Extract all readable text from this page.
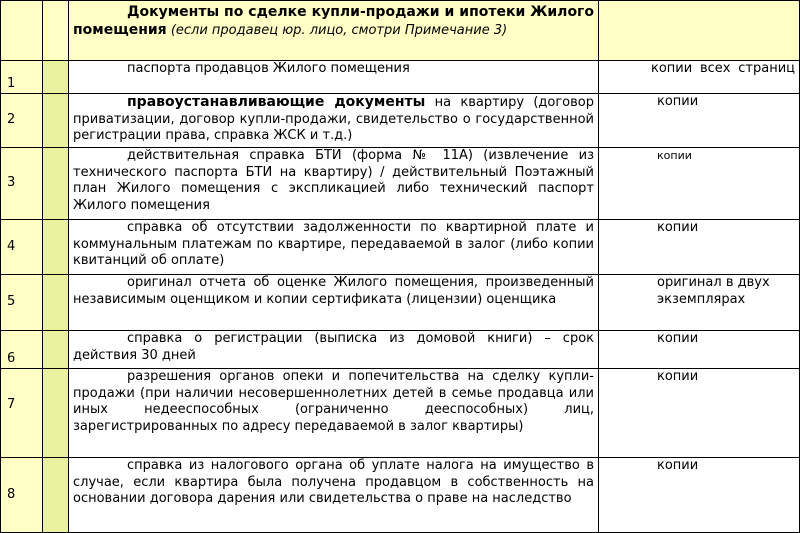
		Документы по сделке купли-продажи и ипотеки Жилого помещения (если продавец юр. лицо, смотри Примечание 3)	

1		паспорта продавцов Жилого помещения	копии всех страниц

2		правоустанавливающие документы на квартиру (договор приватизации, договор купли-продажи, свидетельство о государственной регистрации права, справка ЖСК и т.д.)	копии

3		действительная справка БТИ (форма № 11А) (извлечение из технического паспорта БТИ на квартиру) / действительный Поэтажный план Жилого помещения с экспликацией либо технический паспорт Жилого помещения	копии

4		справка об отсутствии задолженности по квартирной плате и коммунальным платежам по квартире, передаваемой в залог (либо копии квитанций об оплате)	копии

5		оригинал отчета об оценке Жилого помещения, произведенный независимым оценщиком и копии сертификата (лицензии) оценщика	оригинал в двух экземплярах

6		справка о регистрации (выписка из домовой книги) – срок действия 30 дней	копии

7		разрешения органов опеки и попечительства на сделку купли-продажи (при наличии несовершеннолетних детей в семье продавца или иных недееспособных (ограниченно дееспособных) лиц, зарегистрированных по адресу передаваемой в залог квартиры)	копии

8		справка из налогового органа об уплате налога на имущество в случае, если квартира была получена продавцом в собственность на основании договора дарения или свидетельства о праве на наследство	копии
